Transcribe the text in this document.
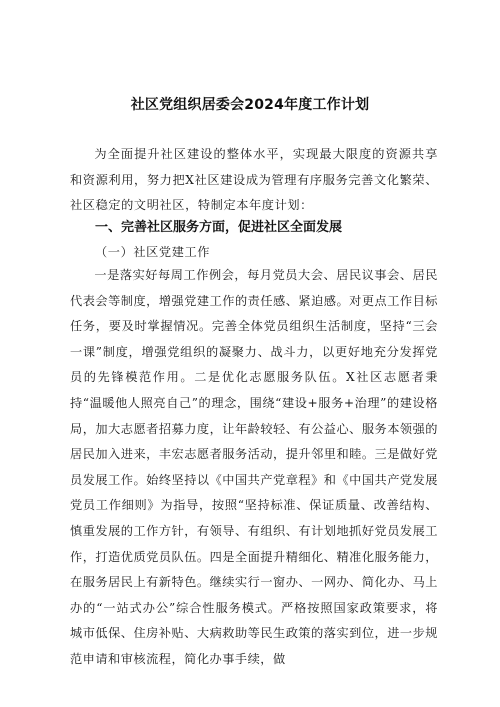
社区党组织居委会2024年度工作计划

为全面提升社区建设的整体水平，实现最大限度的资源共享和资源利用，努力把X社区建设成为管理有序服务完善文化繁荣、社区稳定的文明社区，特制定本年度计划：

一、完善社区服务方面，促进社区全面发展
（一）社区党建工作

一是落实好每周工作例会，每月党员大会、居民议事会、居民代表会等制度，增强党建工作的责任感、紧迫感。对更点工作目标任务，要及时掌握情况。完善全体党员组织生活制度，坚持“三会一课”制度，增强党组织的凝聚力、战斗力，以更好地充分发挥党员的先锋模范作用。二是优化志愿服务队伍。X社区志愿者秉持“温暖他人照亮自己”的理念，围绕“建设+服务+治理”的建设格局，加大志愿者招募力度，让年龄较轻、有公益心、服务本领强的居民加入进来，丰宏志愿者服务活动，提升邻里和睦。三是做好党员发展工作。始终坚持以《中国共产党章程》和《中国共产党发展党员工作细则》为指导，按照“坚持标准、保证质量、改善结构、慎重发展的工作方针，有领导、有组织、有计划地抓好党员发展工作，打造优质党员队伍。四是全面提升精细化、精准化服务能力，在服务居民上有新特色。继续实行一窗办、一网办、简化办、马上办的“一站式办公”综合性服务模式。严格按照国家政策要求，将城市低保、住房补贴、大病救助等民生政策的落实到位，进一步规范申请和审核流程，简化办事手续，做
